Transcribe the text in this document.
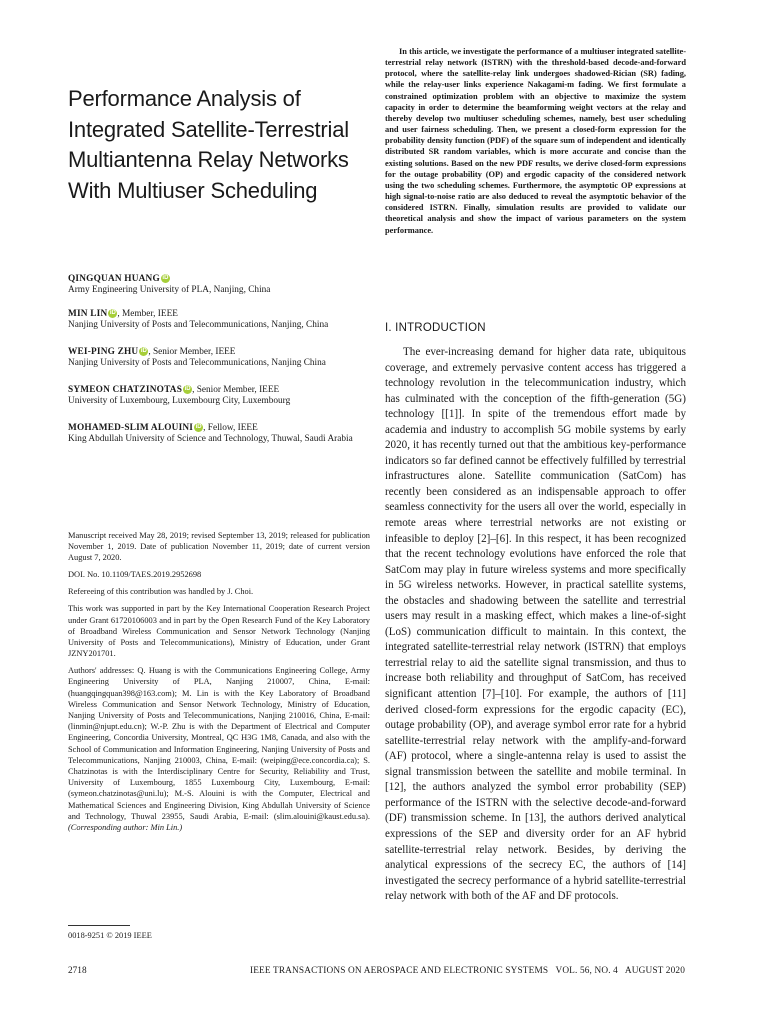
Performance Analysis of Integrated Satellite-Terrestrial Multiantenna Relay Networks With Multiuser Scheduling
QINGQUAN HUANG iD
Army Engineering University of PLA, Nanjing, China
MIN LIN iD , Member, IEEE
Nanjing University of Posts and Telecommunications, Nanjing, China
WEI-PING ZHU iD , Senior Member, IEEE
Nanjing University of Posts and Telecommunications, Nanjing China
SYMEON CHATZINOTAS iD , Senior Member, IEEE
University of Luxembourg, Luxembourg City, Luxembourg
MOHAMED-SLIM ALOUINI iD , Fellow, IEEE
King Abdullah University of Science and Technology, Thuwal, Saudi Arabia

Manuscript received May 28, 2019; revised September 13, 2019; released for publication November 1, 2019. Date of publication November 11, 2019; date of current version August 7, 2020.

DOI. No. 10.1109/TAES.2019.2952698

Refereeing of this contribution was handled by J. Choi.

This work was supported in part by the Key International Cooperation Research Project under Grant 61720106003 and in part by the Open Research Fund of the Key Laboratory of Broadband Wireless Communication and Sensor Network Technology (Nanjing University of Posts and Telecommunications), Ministry of Education, under Grant JZNY201701.

Authors' addresses: Q. Huang is with the Communications Engineering College, Army Engineering University of PLA, Nanjing 210007, China, E-mail: (huangqingquan398@163.com); M. Lin is with the Key Laboratory of Broadband Wireless Communication and Sensor Network Technology, Ministry of Education, Nanjing University of Posts and Telecommunications, Nanjing 210016, China, E-mail: (linmin@njupt.edu.cn); W.-P. Zhu is with the Department of Electrical and Computer Engineering, Concordia University, Montreal, QC H3G 1M8, Canada, and also with the School of Communication and Information Engineering, Nanjing University of Posts and Telecommunications, Nanjing 210003, China, E-mail: (weiping@ece.concordia.ca); S. Chatzinotas is with the Interdisciplinary Centre for Security, Reliability and Trust, University of Luxembourg, 1855 Luxembourg City, Luxembourg, E-mail: (symeon.chatzinotas@uni.lu); M.-S. Alouini is with the Computer, Electrical and Mathematical Sciences and Engineering Division, King Abdullah University of Science and Technology, Thuwal 23955, Saudi Arabia, E-mail: (slim.alouini@kaust.edu.sa). (Corresponding author: Min Lin.)

0018-9251 © 2019 IEEE

In this article, we investigate the performance of a multiuser integrated satellite-terrestrial relay network (ISTRN) with the threshold-based decode-and-forward protocol, where the satellite-relay link undergoes shadowed-Rician (SR) fading, while the relay-user links experience Nakagami-m fading. We first formulate a constrained optimization problem with an objective to maximize the system capacity in order to determine the beamforming weight vectors at the relay and thereby develop two multiuser scheduling schemes, namely, best user scheduling and user fairness scheduling. Then, we present a closed-form expression for the probability density function (PDF) of the square sum of independent and identically distributed SR random variables, which is more accurate and concise than the existing solutions. Based on the new PDF results, we derive closed-form expressions for the outage probability (OP) and ergodic capacity of the considered network using the two scheduling schemes. Furthermore, the asymptotic OP expressions at high signal-to-noise ratio are also deduced to reveal the asymptotic behavior of the considered ISTRN. Finally, simulation results are provided to validate our theoretical analysis and show the impact of various parameters on the system performance.

I. INTRODUCTION

The ever-increasing demand for higher data rate, ubiquitous coverage, and extremely pervasive content access has triggered a technology revolution in the telecommunication industry, which has culminated with the conception of the fifth-generation (5G) technology [[1]]. In spite of the tremendous effort made by academia and industry to accomplish 5G mobile systems by early 2020, it has recently turned out that the ambitious key-performance indicators so far defined cannot be effectively fulfilled by terrestrial infrastructures alone. Satellite communication (SatCom) has recently been considered as an indispensable approach to offer seamless connectivity for the users all over the world, especially in remote areas where terrestrial networks are not existing or infeasible to deploy [2]–[6]. In this respect, it has been recognized that the recent technology evolutions have enforced the role that SatCom may play in future wireless systems and more specifically in 5G wireless networks. However, in practical satellite systems, the obstacles and shadowing between the satellite and terrestrial users may result in a masking effect, which makes a line-of-sight (LoS) communication difficult to maintain. In this context, the integrated satellite-terrestrial relay network (ISTRN) that employs terrestrial relay to aid the satellite signal transmission, and thus to increase both reliability and throughput of SatCom, has received significant attention [7]–[10]. For example, the authors of [11] derived closed-form expressions for the ergodic capacity (EC), outage probability (OP), and average symbol error rate for a hybrid satellite-terrestrial relay network with the amplify-and-forward (AF) protocol, where a single-antenna relay is used to assist the signal transmission between the satellite and mobile terminal. In [12], the authors analyzed the symbol error probability (SEP) performance of the ISTRN with the selective decode-and-forward (DF) transmission scheme. In [13], the authors derived analytical expressions of the SEP and diversity order for an AF hybrid satellite-terrestrial relay network. Besides, by deriving the analytical expressions of the secrecy EC, the authors of [14] investigated the secrecy performance of a hybrid satellite-terrestrial relay network with both of the AF and DF protocols.

2718	IEEE TRANSACTIONS ON AEROSPACE AND ELECTRONIC SYSTEMS   VOL. 56, NO. 4   AUGUST 2020
